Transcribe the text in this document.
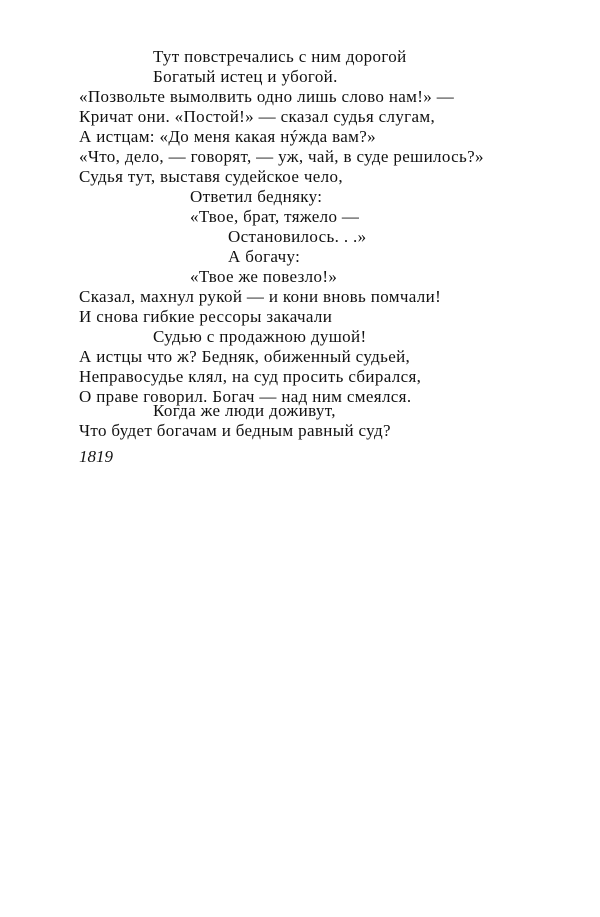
Тут повстречались с ним дорогой
Богатый истец и убогой.
«Позвольте вымолвить одно лишь слово нам!» —
Кричат они. «Постой!» — сказал судья слугам,
А истцам: «До меня какая нýжда вам?»
«Что, дело, — говорят, — уж, чай, в суде решилось?»
Судья тут, выставя судейское чело,
Ответил бедняку:
«Твое, брат, тяжело —
Остановилось. . .»
А богачу:
«Твое же повезло!»
Сказал, махнул рукой — и кони вновь помчали!
И снова гибкие рессоры закачали
Судью с продажною душой!
А истцы что ж? Бедняк, обиженный судьей,
Неправосудье клял, на суд просить сбирался,
О праве говорил. Богач — над ним смеялся.
Когда же люди доживут,
Что будет богачам и бедным равный суд?
1819
